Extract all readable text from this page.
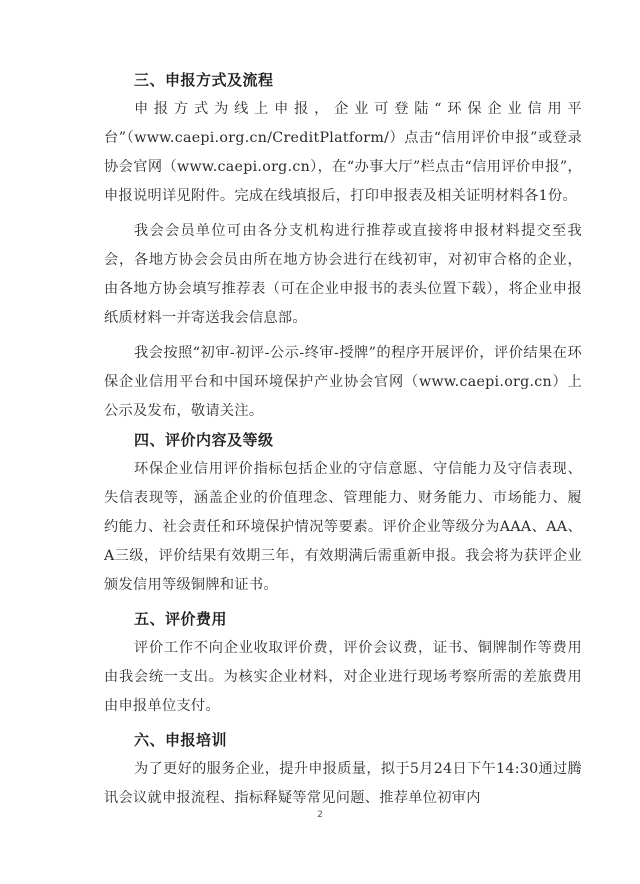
三、申报方式及流程

申报方式为线上申报，企业可登陆“环保企业信用平台”（www.caepi.org.cn/CreditPlatform/）点击“信用评价申报”或登录协会官网（www.caepi.org.cn），在“办事大厅”栏点击“信用评价申报”，申报说明详见附件。完成在线填报后，打印申报表及相关证明材料各1份。

我会会员单位可由各分支机构进行推荐或直接将申报材料提交至我会，各地方协会会员由所在地方协会进行在线初审，对初审合格的企业，由各地方协会填写推荐表（可在企业申报书的表头位置下载），将企业申报纸质材料一并寄送我会信息部。

我会按照“初审-初评-公示-终审-授牌”的程序开展评价，评价结果在环保企业信用平台和中国环境保护产业协会官网（www.caepi.org.cn）上公示及发布，敬请关注。

四、评价内容及等级

环保企业信用评价指标包括企业的守信意愿、守信能力及守信表现、失信表现等，涵盖企业的价值理念、管理能力、财务能力、市场能力、履约能力、社会责任和环境保护情况等要素。评价企业等级分为AAA、AA、A三级，评价结果有效期三年，有效期满后需重新申报。我会将为获评企业颁发信用等级铜牌和证书。

五、评价费用

评价工作不向企业收取评价费，评价会议费，证书、铜牌制作等费用由我会统一支出。为核实企业材料，对企业进行现场考察所需的差旅费用由申报单位支付。

六、申报培训

为了更好的服务企业，提升申报质量，拟于5月24日下午14:30通过腾讯会议就申报流程、指标释疑等常见问题、推荐单位初审内

2
